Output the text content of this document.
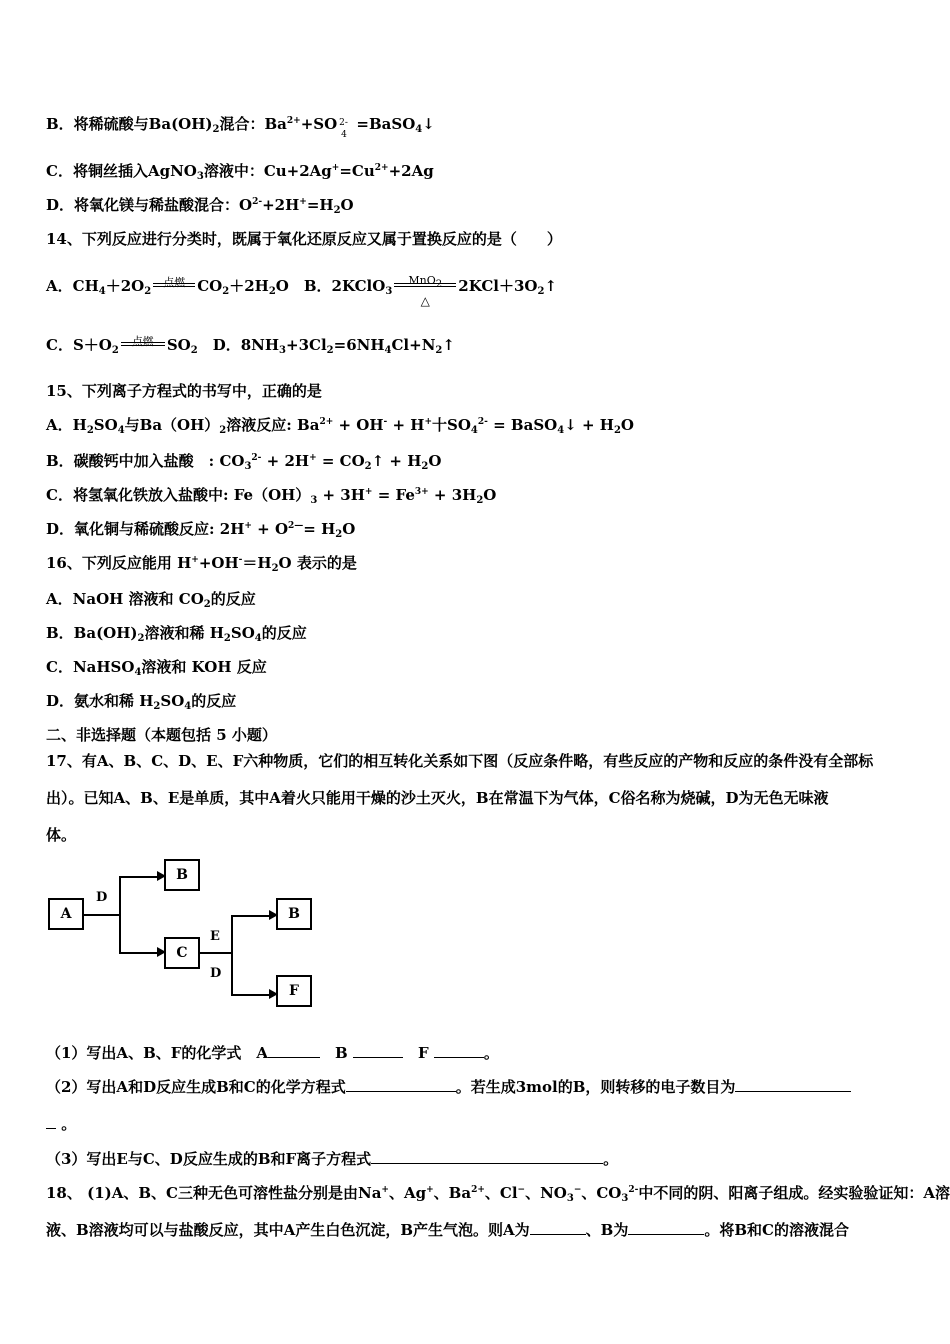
B．将稀硫酸与$Ba(OH)_2$混合：$Ba^{2+}+SO$ 2-
4
=BaSO$_4$↓
C．将铜丝插入AgNO$_3$溶液中：$Cu+2Ag^+=Cu^{2+}+2Ag$
D．将氧化镁与稀盐酸混合：$O^{2-}+2H^+=H_2O$
14、下列反应进行分类时，既属于氧化还原反应又属于置换反应的是（　　）
A．$CH_4+2O_2$
点燃 $CO_2+2H_2O$　B．2KClO$_3$
MnO$_2$
△
$2KCl+3O_2↑$
C．$S+O_2$
点燃 $SO_2$　D．$8NH_3+3Cl_2=6NH_4Cl+N_2↑$
15、下列离子方程式的书写中，正确的是
A．$H_2SO_4$与$Ba(OH)_2$溶液反应: $Ba^{2+} + OH^- + H^+$十$SO_4^{2-}$ = BaSO$_4$↓ + $H_2O$
B．碳酸钙中加入盐酸　: $CO_3^{2-} + 2H^+$ = $CO_2↑ + H_2O$
C．将氢氧化铁放入盐酸中: $Fe(OH)_3 + 3H^+ = Fe^{3+} + 3H_2O$
D．氧化铜与稀硫酸反应: $2H^+ + O^{2—}= H_2O$
16、下列反应能用 $H^++OH^-=H_2O$ 表示的是
A．NaOH 溶液和 $CO_2$的反应
B．$Ba(OH)_2$溶液和稀 $H_2SO_4$的反应
C．NaHSO$_4$溶液和 KOH 反应
D．氨水和稀 $H_2SO_4$的反应
二、非选择题（本题包括 5 小题）
17、有A、B、C、D、E、F六种物质，它们的相互转化关系如下图（反应条件略，有些反应的产物和反应的条件没有全部标
出）。已知A、B、E是单质，其中A着火只能用干燥的沙土灭火，B在常温下为气体，C俗名称为烧碱，D为无色无味液
体。
A
D
B
C
E
D
B
F
（1）写出A、B、F的化学式　A	　B	　F	。
（2）写出A和D反应生成B和C的化学方程式	。若生成3mol的B，则转移的电子数目为
。
（3）写出E与C、D反应生成的B和F离子方程式	。
18、 (1)A、B、C三种无色可溶性盐分别是由Na+、Ag+、$Ba^{2+}$、Cl−、$NO_3^-$、$CO_3^{2-}$中不同的阴、阳离子组成。经实验验证知：A溶
液、B溶液均可以与盐酸反应，其中A产生白色沉淀，B产生气泡。则A为	、B为	。将B和C的溶液混合
